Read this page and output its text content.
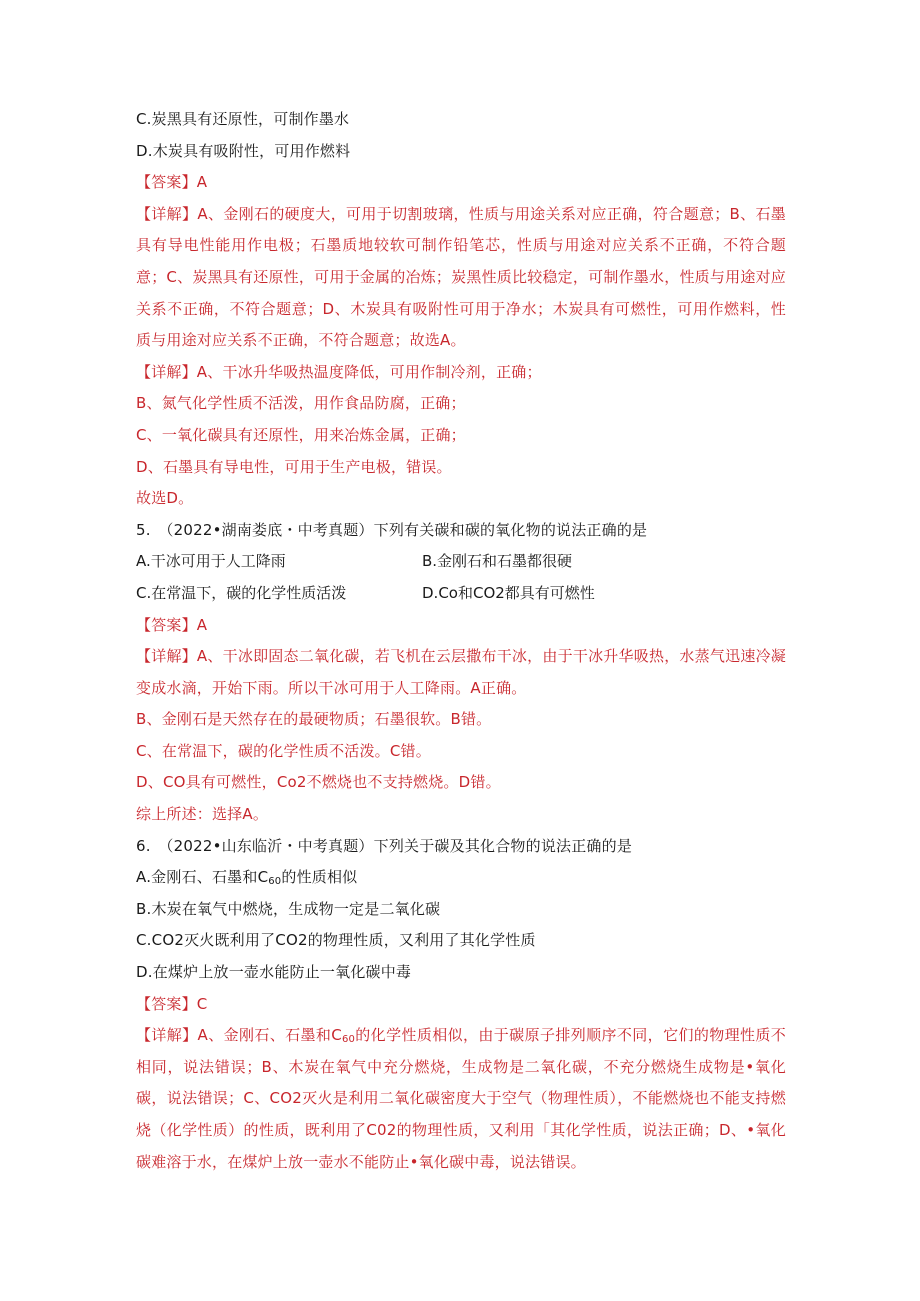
C.炭黑具有还原性，可制作墨水
D.木炭具有吸附性，可用作燃料
【答案】A
【详解】A、金刚石的硬度大，可用于切割玻璃，性质与用途关系对应正确，符合题意；B、石墨具有导电性能用作电极；石墨质地较软可制作铅笔芯，性质与用途对应关系不正确，不符合题意；C、炭黑具有还原性，可用于金属的冶炼；炭黑性质比较稳定，可制作墨水，性质与用途对应关系不正确，不符合题意；D、木炭具有吸附性可用于净水；木炭具有可燃性，可用作燃料，性质与用途对应关系不正确，不符合题意；故选A。
【详解】A、干冰升华吸热温度降低，可用作制冷剂，正确；
B、氮气化学性质不活泼，用作食品防腐，正确；
C、一氧化碳具有还原性，用来冶炼金属，正确；
D、石墨具有导电性，可用于生产电极，错误。
故选D。
5.　（2022•湖南娄底・中考真题）下列有关碳和碳的氧化物的说法正确的是
A.干冰可用于人工降雨	B.金刚石和石墨都很硬
C.在常温下，碳的化学性质活泼	D.Co和CO2都具有可燃性
【答案】A
【详解】A、干冰即固态二氧化碳，若飞机在云层撒布干冰，由于干冰升华吸热，水蒸气迅速冷凝变成水滴，开始下雨。所以干冰可用于人工降雨。A正确。
B、金刚石是天然存在的最硬物质；石墨很软。B错。
C、在常温下，碳的化学性质不活泼。C错。
D、CO具有可燃性，Co2不燃烧也不支持燃烧。D错。
综上所述：选择A。
6.　（2022•山东临沂・中考真题）下列关于碳及其化合物的说法正确的是
A.金刚石、石墨和$C_{60}$的性质相似
B.木炭在氧气中燃烧，生成物一定是二氧化碳
C.CO2灭火既利用了CO2的物理性质，又利用了其化学性质
D.在煤炉上放一壶水能防止一氧化碳中毒
【答案】C
【详解】A、金刚石、石墨和$C_{60}$的化学性质相似，由于碳原子排列顺序不同，它们的物理性质不相同，说法错误；B、木炭在氧气中充分燃烧，生成物是二氧化碳，不充分燃烧生成物是•氧化碳，说法错误；C、CO2灭火是利用二氧化碳密度大于空气（物理性质），不能燃烧也不能支持燃烧（化学性质）的性质，既利用了C02的物理性质，又利用「其化学性质，说法正确；D、•氧化碳难溶于水，在煤炉上放一壶水不能防止•氧化碳中毒，说法错误。
